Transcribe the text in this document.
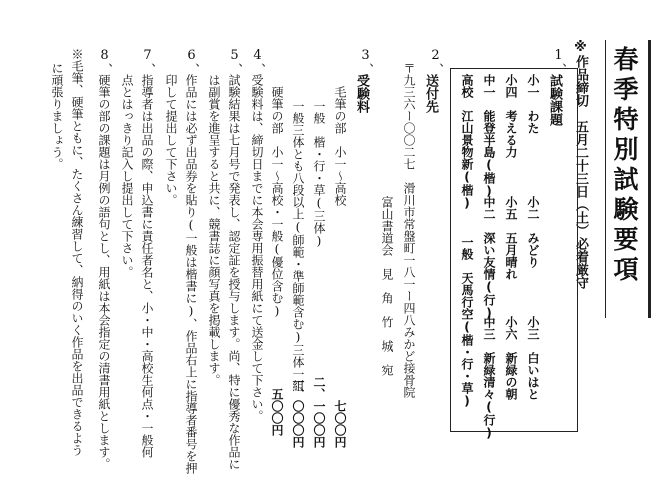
春季特別試験要項
※作品締切　五月二十三日（土）必着厳守
1、
試験課題
小一　わた
小二　みどり
小三　白いはと
小四　考える力
小五　五月晴れ
小六　新緑の朝
中一　能登半島(楷)
中二　深い友情(行)
中三　新緑清々(行)
高校　江山景物新(楷)
一般　天馬行空(楷・行・草)
2、
送付先
〒九三六ー〇〇二七　滑川市常盤町一八一ー四八みかど接骨院
富山書道会　見　角　竹　城　宛
3、
受験料
毛筆の部　小一～高校
七〇〇円
一般　楷・行・草(三体)
二、一〇〇円
一般三体とも八段以上(師範・準師範含む)三体一組
一、〇〇〇円
硬筆の部　小一～高校・一般(優位含む)
五〇〇円
4、
受験料は、締切日までに本会専用振替用紙にて送金して下さい。
5、
試験結果は七月号で発表し、認定証を授与します。尚、特に優秀な作品に
は副賞を進呈すると共に、競書誌に顔写真を掲載します。
6、
作品には必ず出品券を貼り(一般は楷書に)、作品右上に指導者番号を押
印して提出して下さい。
7、
指導者は出品の際、申込書に責任者名と、小・中・高校生何点・一般何
点とはっきり記入し提出して下さい。
8、
硬筆の部の課題は月例の語句とし、用紙は本会指定の清書用紙とします。
※毛筆、硬筆ともに、たくさん練習して、納得のいく作品を出品できるよう
に頑張りましょう。
